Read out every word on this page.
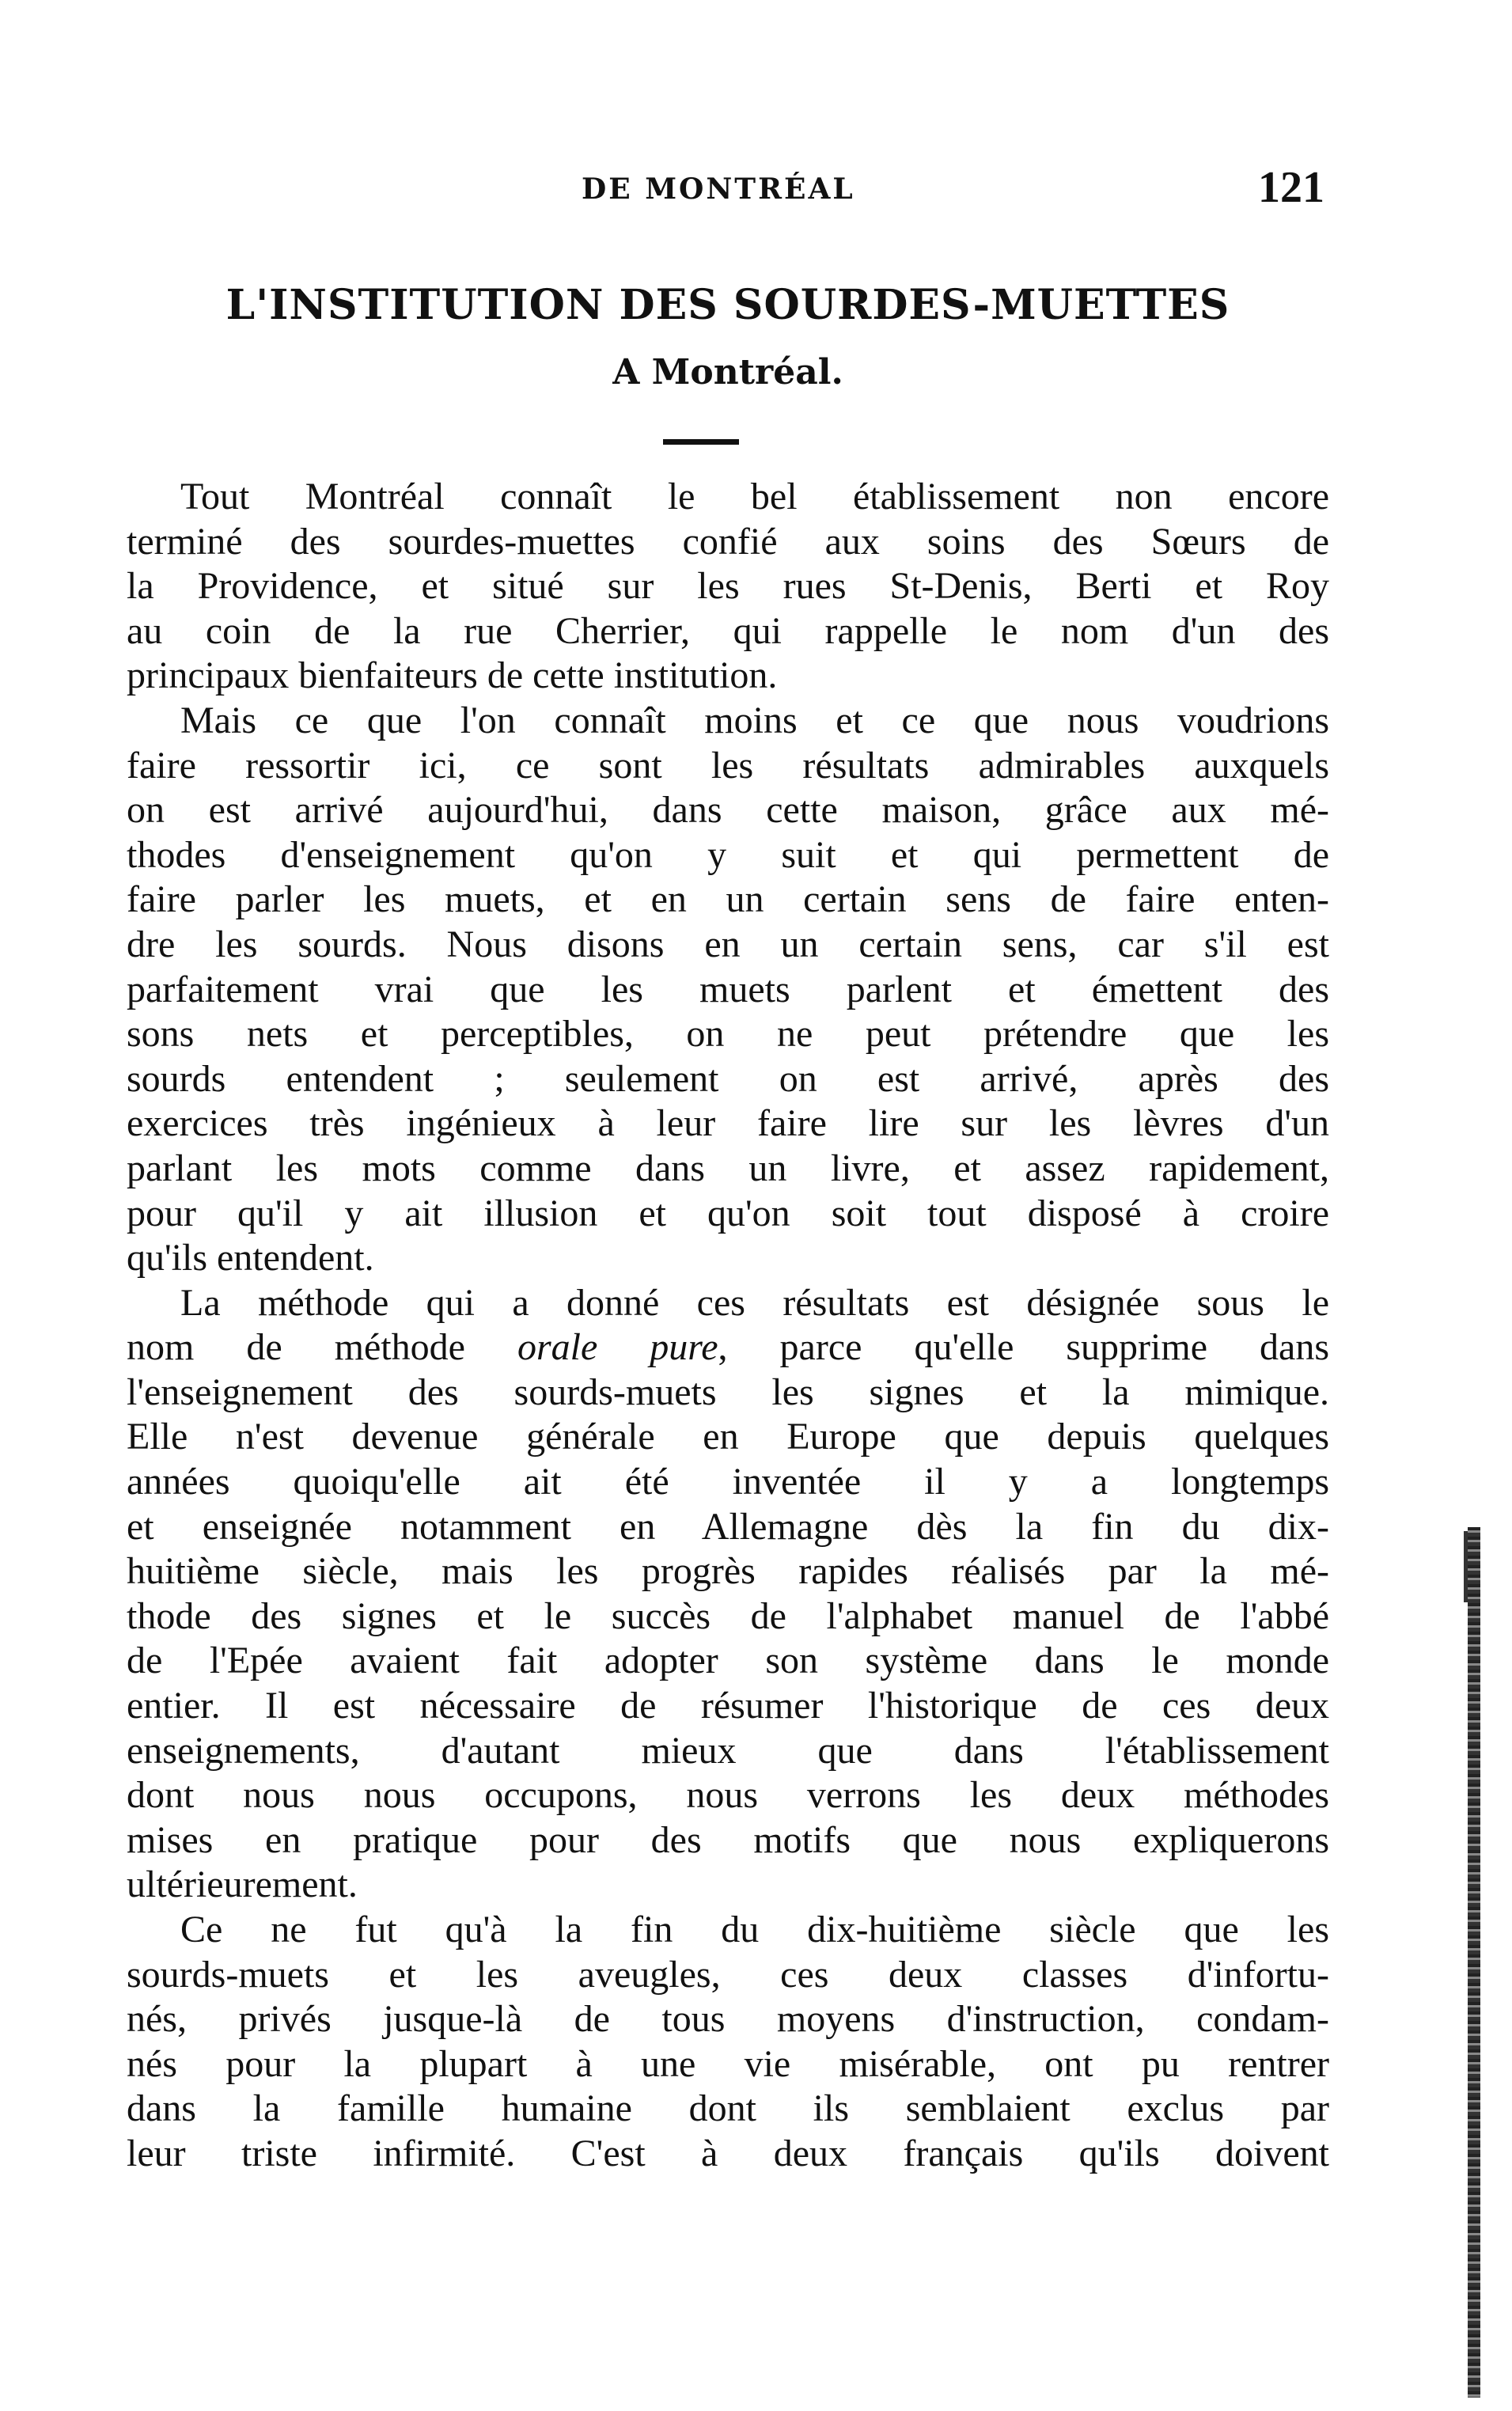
DE MONTRÉAL	121
L'INSTITUTION DES SOURDES-MUETTES
A Montréal.
Tout Montréal connaît le bel établissement non encore
terminé des sourdes-muettes confié aux soins des Sœurs de
la Providence, et situé sur les rues St-Denis, Berti et Roy
au coin de la rue Cherrier, qui rappelle le nom d'un des
principaux bienfaiteurs de cette institution.
Mais ce que l'on connaît moins et ce que nous voudrions
faire ressortir ici, ce sont les résultats admirables auxquels
on est arrivé aujourd'hui, dans cette maison, grâce aux mé-
thodes d'enseignement qu'on y suit et qui permettent de
faire parler les muets, et en un certain sens de faire enten-
dre les sourds. Nous disons en un certain sens, car s'il est
parfaitement vrai que les muets parlent et émettent des
sons nets et perceptibles, on ne peut prétendre que les
sourds entendent ; seulement on est arrivé, après des
exercices très ingénieux à leur faire lire sur les lèvres d'un
parlant les mots comme dans un livre, et assez rapidement,
pour qu'il y ait illusion et qu'on soit tout disposé à croire
qu'ils entendent.
La méthode qui a donné ces résultats est désignée sous le
nom de méthode orale pure, parce qu'elle supprime dans
l'enseignement des sourds-muets les signes et la mimique.
Elle n'est devenue générale en Europe que depuis quelques
années quoiqu'elle ait été inventée il y a longtemps
et enseignée notamment en Allemagne dès la fin du dix-
huitième siècle, mais les progrès rapides réalisés par la mé-
thode des signes et le succès de l'alphabet manuel de l'abbé
de l'Epée avaient fait adopter son système dans le monde
entier. Il est nécessaire de résumer l'historique de ces deux
enseignements, d'autant mieux que dans l'établissement
dont nous nous occupons, nous verrons les deux méthodes
mises en pratique pour des motifs que nous expliquerons
ultérieurement.
Ce ne fut qu'à la fin du dix-huitième siècle que les
sourds-muets et les aveugles, ces deux classes d'infortu-
nés, privés jusque-là de tous moyens d'instruction, condam-
nés pour la plupart à une vie misérable, ont pu rentrer
dans la famille humaine dont ils semblaient exclus par
leur triste infirmité. C'est à deux français qu'ils doivent
